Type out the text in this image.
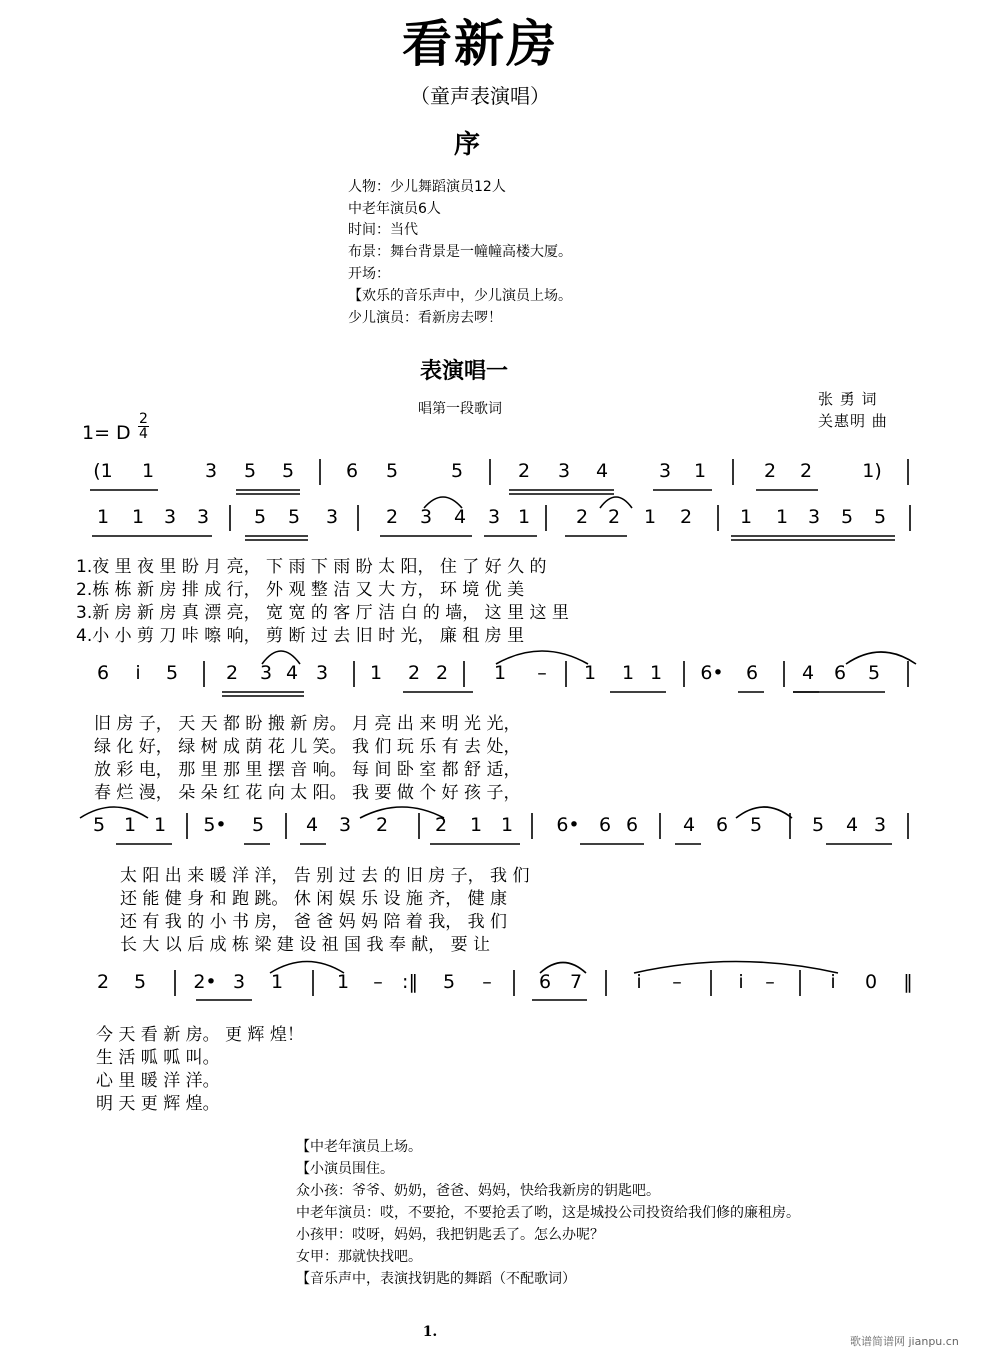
看新房
（童声表演唱）
序
人物：少儿舞蹈演员12人
中老年演员6人
时间：当代
布景：舞台背景是一幢幢高楼大厦。
开场：
【欢乐的音乐声中，少儿演员上场。
少儿演员：看新房去啰！
表演唱一
唱第一段歌词
张 勇 词
关惠明 曲
1= D
2
4
(1 1	3 5 5	6 5	5	2 3 4	3 1	2 2	1)
1 1 3 3 5 5 3	2 3 4 3 1 2 2 1 2	1 1 3 5 5
6 i 5	2 3 4 3 1 2 2 1 – 1 1 1 6• 6 4 6 5
5 1 1 5• 5 4 3 2 2 1 1 6• 6 6 4 6 5	5 4 3
2 5 2• 3 1	1 – :‖ 5 – 6 7	i –	i –	i 0 ‖
1.夜 里 夜 里 盼 月 亮， 下 雨 下 雨 盼 太 阳， 住 了 好 久 的
2.栋 栋 新 房 排 成 行， 外 观 整 洁 又 大 方， 环 境 优 美
3.新 房 新 房 真 漂 亮， 宽 宽 的 客 厅 洁 白 的 墙， 这 里 这 里
4.小 小 剪 刀 咔 嚓 响， 剪 断 过 去 旧 时 光， 廉 租 房 里
旧 房 子， 天 天 都 盼 搬 新 房。 月 亮 出 来 明 光 光，
绿 化 好， 绿 树 成 荫 花 儿 笑。 我 们 玩 乐 有 去 处，
放 彩 电， 那 里 那 里 摆 音 响。 每 间 卧 室 都 舒 适，
春 烂 漫， 朵 朵 红 花 向 太 阳。 我 要 做 个 好 孩 子，
太 阳 出 来 暖 洋 洋， 告 别 过 去 的 旧 房 子， 我 们
还 能 健 身 和 跑 跳。 休 闲 娱 乐 设 施 齐， 健 康
还 有 我 的 小 书 房， 爸 爸 妈 妈 陪 着 我， 我 们
长 大 以 后 成 栋 梁 建 设 祖 国 我 奉 献， 要 让
今 天 看 新 房。 更 辉 煌！
生 活 呱 呱 叫。
心 里 暖 洋 洋。
明 天 更 辉 煌。
【中老年演员上场。
【小演员围住。
众小孩：爷爷、奶奶，爸爸、妈妈，快给我新房的钥匙吧。
中老年演员：哎，不要抢，不要抢丢了哟，这是城投公司投资给我们修的廉租房。
小孩甲：哎呀，妈妈，我把钥匙丢了。怎么办呢？
女甲：那就快找吧。
【音乐声中，表演找钥匙的舞蹈（不配歌词）
1.
歌谱简谱网 jianpu.cn
